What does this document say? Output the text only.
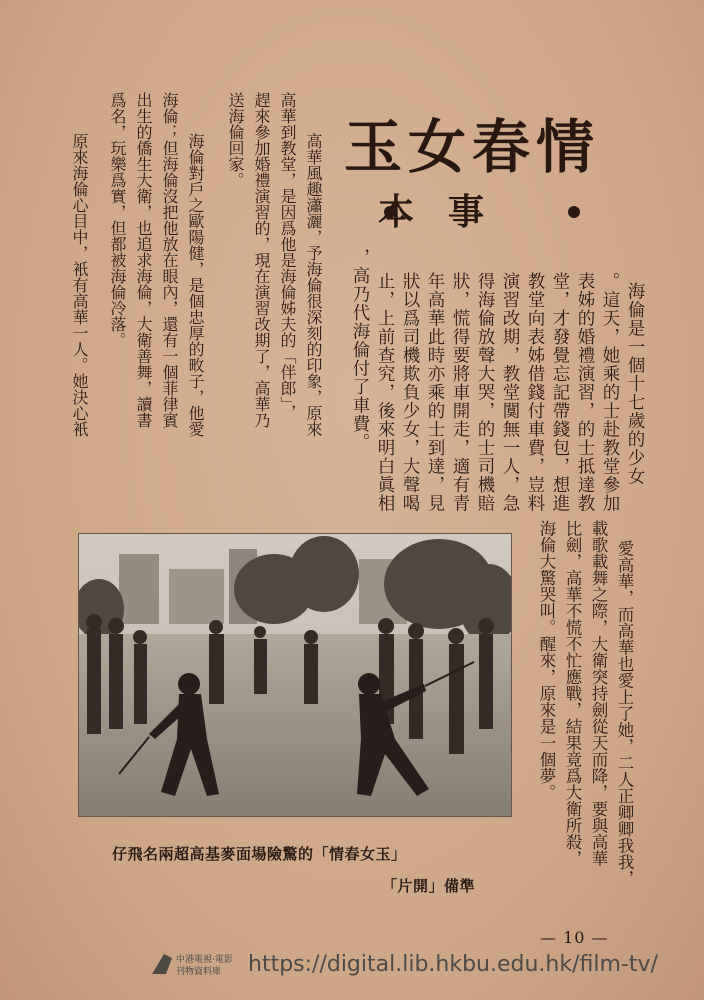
玉女春情
本事
海倫是一個十七歲的少女
。這天，她乘的士赴教堂參加
表姊的婚禮演習，的士抵達教
堂，才發覺忘記帶錢包，想進
教堂向表姊借錢付車費，豈料
演習改期，教堂闃無一人，急
得海倫放聲大哭，的士司機賠
狀，慌得要將車開走，適有青
年高華此時亦乘的士到達，見
狀以爲司機欺負少女，大聲喝
止，上前查究，後來明白眞相
，高乃代海倫付了車費。
高華風趣瀟灑，予海倫很深刻的印象，原來
高華到教堂，是因爲他是海倫姊夫的「伴郎」，
趕來參加婚禮演習的，現在演習改期了，高華乃
送海倫回家。
海倫對戶之歐陽健，是個忠厚的畋子，他愛
海倫；但海倫沒把他放在眼內，還有一個菲律賓
出生的僑生大衛，也追求海倫，大衛善舞，讀書
爲名，玩樂爲實，但都被海倫冷落。
原來海倫心目中，衹有高華一人。她決心衹
愛高華，而高華也愛上了她，二人正卿卿我我，
載歌載舞之際，大衛突持劍從天而降，要與高華
比劍，高華不慌不忙應戰，結果竟爲大衛所殺，
海倫大驚哭叫。醒來，原來是一個夢。
仔飛名兩超高基麥面場險驚的「情春女玉」
「片開」備準
— 10 —
中港電視·電影
刊物資料庫 https://digital.lib.hkbu.edu.hk/film-tv/
